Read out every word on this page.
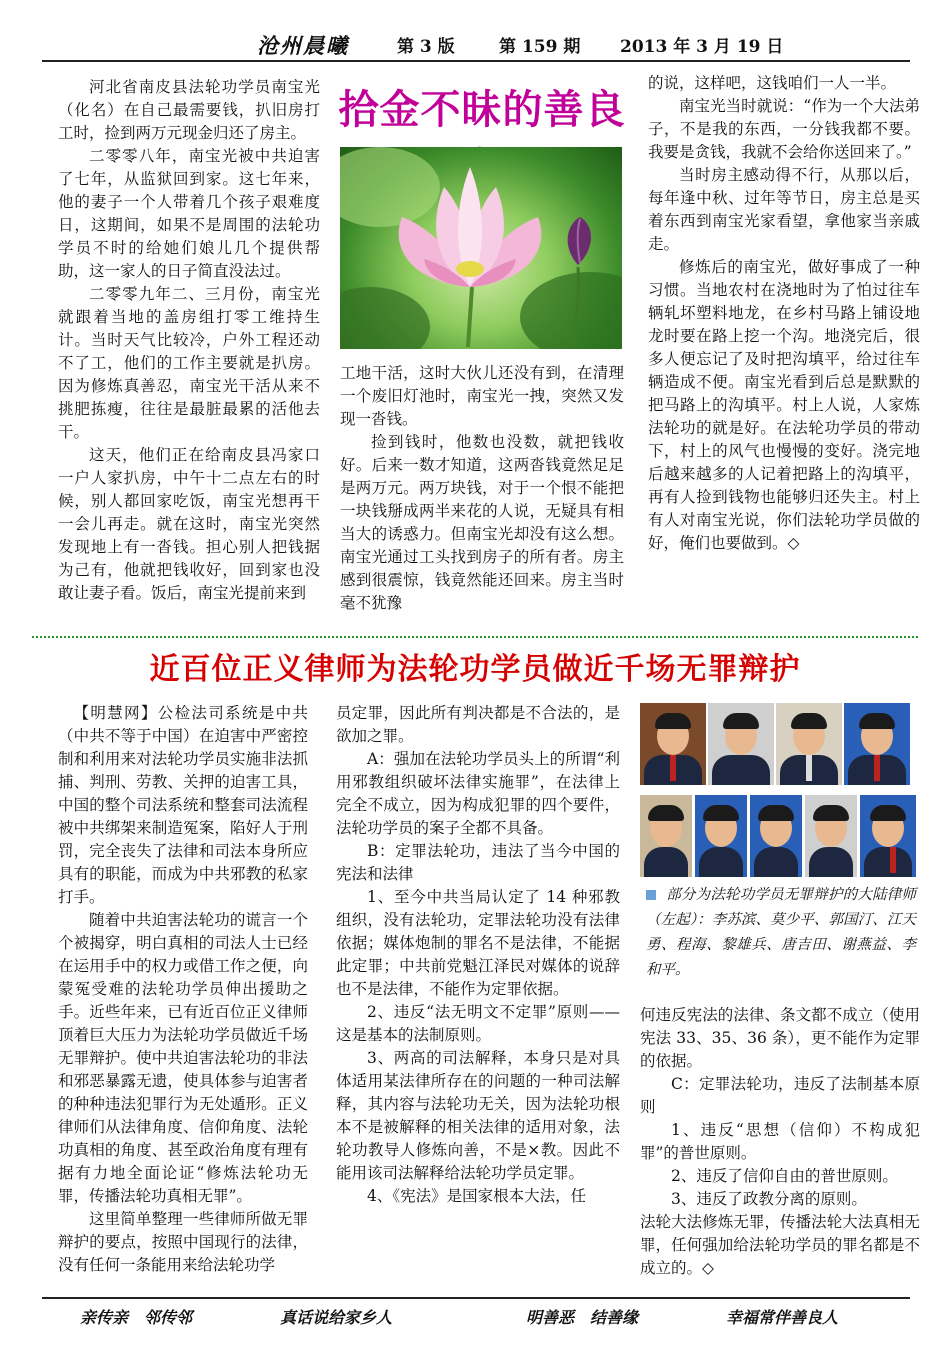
沧州晨曦	第 3 版	第 159 期 2013 年 3 月 19 日
拾金不昧的善良

河北省南皮县法轮功学员南宝光（化名）在自己最需要钱，扒旧房打工时，捡到两万元现金归还了房主。

二零零八年，南宝光被中共迫害了七年，从监狱回到家。这七年来，他的妻子一个人带着几个孩子艰难度日，这期间，如果不是周围的法轮功学员不时的给她们娘儿几个提供帮助，这一家人的日子简直没法过。

二零零九年二、三月份，南宝光就跟着当地的盖房组打零工维持生计。当时天气比较冷，户外工程还动不了工，他们的工作主要就是扒房。因为修炼真善忍，南宝光干活从来不挑肥拣瘦，往往是最脏最累的活他去干。

这天，他们正在给南皮县冯家口一户人家扒房，中午十二点左右的时候，别人都回家吃饭，南宝光想再干一会儿再走。就在这时，南宝光突然发现地上有一沓钱。担心别人把钱据为己有，他就把钱收好，回到家也没敢让妻子看。饭后，南宝光提前来到

工地干活，这时大伙儿还没有到，在清理一个废旧灯池时，南宝光一拽，突然又发现一沓钱。

捡到钱时，他数也没数，就把钱收好。后来一数才知道，这两沓钱竟然足足是两万元。两万块钱，对于一个恨不能把一块钱掰成两半来花的人说，无疑具有相当大的诱惑力。但南宝光却没有这么想。南宝光通过工头找到房子的所有者。房主感到很震惊，钱竟然能还回来。房主当时毫不犹豫

的说，这样吧，这钱咱们一人一半。

南宝光当时就说：“作为一个大法弟子，不是我的东西，一分钱我都不要。我要是贪钱，我就不会给你送回来了。”

当时房主感动得不行，从那以后，每年逢中秋、过年等节日，房主总是买着东西到南宝光家看望，拿他家当亲戚走。

修炼后的南宝光，做好事成了一种习惯。当地农村在浇地时为了怕过往车辆轧坏塑料地龙，在乡村马路上铺设地龙时要在路上挖一个沟。地浇完后，很多人便忘记了及时把沟填平，给过往车辆造成不便。南宝光看到后总是默默的把马路上的沟填平。村上人说，人家炼法轮功的就是好。在法轮功学员的带动下，村上的风气也慢慢的变好。浇完地后越来越多的人记着把路上的沟填平，再有人捡到钱物也能够归还失主。村上有人对南宝光说，你们法轮功学员做的好，俺们也要做到。◇

近百位正义律师为法轮功学员做近千场无罪辩护

【明慧网】公检法司系统是中共（中共不等于中国）在迫害中严密控制和利用来对法轮功学员实施非法抓捕、判刑、劳教、关押的迫害工具，中国的整个司法系统和整套司法流程被中共绑架来制造冤案，陷好人于刑罚，完全丧失了法律和司法本身所应具有的职能，而成为中共邪教的私家打手。

随着中共迫害法轮功的谎言一个个被揭穿，明白真相的司法人士已经在运用手中的权力或借工作之便，向蒙冤受难的法轮功学员伸出援助之手。近些年来，已有近百位正义律师顶着巨大压力为法轮功学员做近千场无罪辩护。使中共迫害法轮功的非法和邪恶暴露无遗，使具体参与迫害者的种种违法犯罪行为无处遁形。正义律师们从法律角度、信仰角度、法轮功真相的角度、甚至政治角度有理有据有力地全面论证“修炼法轮功无罪，传播法轮功真相无罪”。

这里简单整理一些律师所做无罪辩护的要点，按照中国现行的法律，没有任何一条能用来给法轮功学

员定罪，因此所有判决都是不合法的，是欲加之罪。

A：强加在法轮功学员头上的所谓“利用邪教组织破坏法律实施罪”，在法律上完全不成立，因为构成犯罪的四个要件，法轮功学员的案子全都不具备。

B：定罪法轮功，违法了当今中国的宪法和法律

1、至今中共当局认定了 14 种邪教组织，没有法轮功，定罪法轮功没有法律依据；媒体炮制的罪名不是法律，不能据此定罪；中共前党魁江泽民对媒体的说辞也不是法律，不能作为定罪依据。

2、违反“法无明文不定罪”原则——这是基本的法制原则。

3、两高的司法解释，本身只是对具体适用某法律所存在的问题的一种司法解释，其内容与法轮功无关，因为法轮功根本不是被解释的相关法律的适用对象，法轮功教导人修炼向善，不是×教。因此不能用该司法解释给法轮功学员定罪。

4、《宪法》是国家根本大法，任

部分为法轮功学员无罪辩护的大陆律师（左起）：李苏滨、莫少平、郭国汀、江天勇、程海、黎雄兵、唐吉田、谢燕益、李和平。

何违反宪法的法律、条文都不成立（使用宪法 33、35、36 条），更不能作为定罪的依据。

C：定罪法轮功，违反了法制基本原则

1、违反“思想（信仰）不构成犯罪”的普世原则。

2、违反了信仰自由的普世原则。

3、违反了政教分离的原则。

法轮大法修炼无罪，传播法轮大法真相无罪，任何强加给法轮功学员的罪名都是不成立的。◇

亲传亲　邻传邻	真话说给家乡人	明善恶　结善缘	幸福常伴善良人
